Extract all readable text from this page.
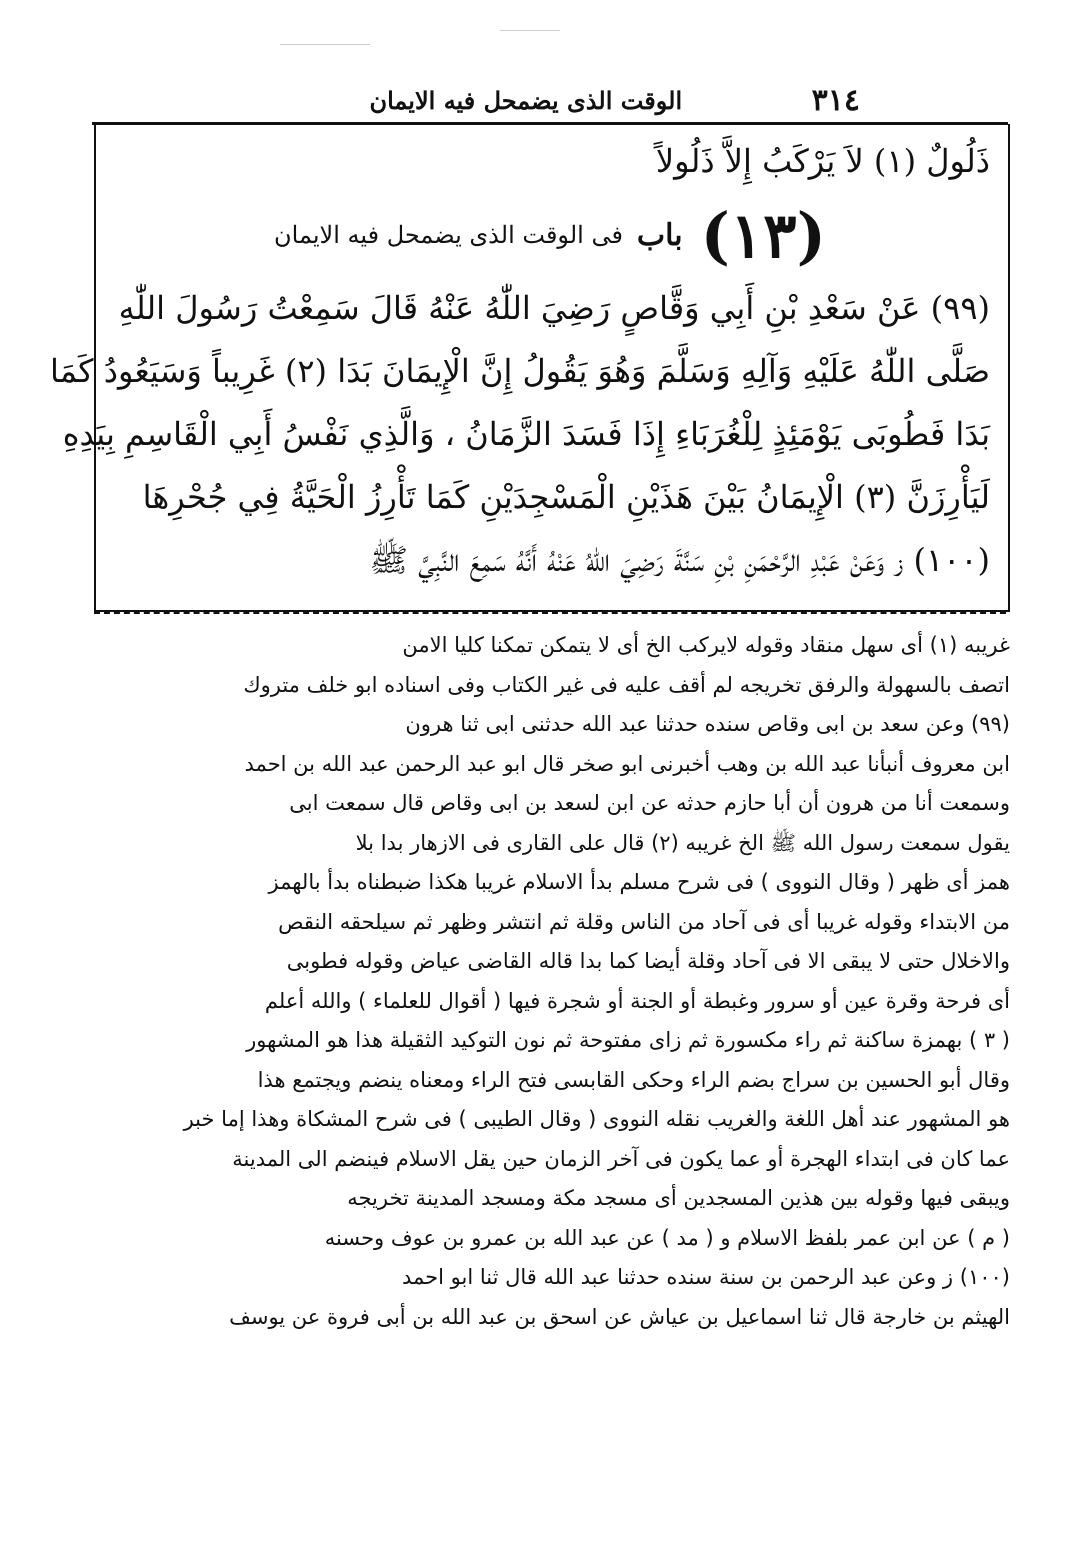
٣١٤
الوقت الذى يضمحل فيه الايمان
ذَلُولٌ (١) لاَ يَرْكَبُ إِلاَّ ذَلُولاً
(١٣)
باب
فى الوقت الذى يضمحل فيه الايمان
(٩٩) عَنْ سَعْدِ بْنِ أَبِي وَقَّاصٍ رَضِيَ اللّٰهُ عَنْهُ قَالَ سَمِعْتُ رَسُولَ اللّٰهِ
صَلَّى اللّٰهُ عَلَيْهِ وَآلِهِ وَسَلَّمَ وَهُوَ يَقُولُ إِنَّ الْإِيمَانَ بَدَا (٢) غَرِيباً وَسَيَعُودُ كَمَا
بَدَا فَطُوبَى يَوْمَئِذٍ لِلْغُرَبَاءِ إِذَا فَسَدَ الزَّمَانُ ، وَالَّذِي نَفْسُ أَبِي الْقَاسِمِ بِيَدِهِ
لَيَأْرِزَنَّ (٣) الْإِيمَانُ بَيْنَ هَذَيْنِ الْمَسْجِدَيْنِ كَمَا تَأْرِزُ الْحَيَّةُ فِي جُحْرِهَا
(١٠٠) ز وَعَنْ عَبْدِ الرَّحْمَنِ بْنِ سَنَّةَ رَضِيَ اللّٰهُ عَنْهُ أَنَّهُ سَمِعَ النَّبِيَّ ﷺ
غريبه (١) أى سهل منقاد وقوله لايركب الخ أى لا يتمكن تمكنا كليا الامن
اتصف بالسهولة والرفق تخريجه لم أقف عليه فى غير الكتاب وفى اسناده ابو خلف متروك
(٩٩) وعن سعد بن ابى وقاص سنده حدثنا عبد الله حدثنى ابى ثنا هرون
ابن معروف أنبأنا عبد الله بن وهب أخبرنى ابو صخر قال ابو عبد الرحمن عبد الله بن احمد
وسمعت أنا من هرون أن أبا حازم حدثه عن ابن لسعد بن ابى وقاص قال سمعت ابى
يقول سمعت رسول الله ﷺ الخ غريبه (٢) قال على القارى فى الازهار بدا بلا
همز أى ظهر ( وقال النووى ) فى شرح مسلم بدأ الاسلام غريبا هكذا ضبطناه بدأ بالهمز
من الابتداء وقوله غريبا أى فى آحاد من الناس وقلة ثم انتشر وظهر ثم سيلحقه النقص
والاخلال حتى لا يبقى الا فى آحاد وقلة أيضا كما بدا قاله القاضى عياض وقوله فطوبى
أى فرحة وقرة عين أو سرور وغبطة أو الجنة أو شجرة فيها ( أقوال للعلماء ) والله أعلم
( ٣ ) بهمزة ساكنة ثم راء مكسورة ثم زاى مفتوحة ثم نون التوكيد الثقيلة هذا هو المشهور
وقال أبو الحسين بن سراج بضم الراء وحكى القابسى فتح الراء ومعناه ينضم ويجتمع هذا
هو المشهور عند أهل اللغة والغريب نقله النووى ( وقال الطيبى ) فى شرح المشكاة وهذا إما خبر
عما كان فى ابتداء الهجرة أو عما يكون فى آخر الزمان حين يقل الاسلام فينضم الى المدينة
ويبقى فيها وقوله بين هذين المسجدين أى مسجد مكة ومسجد المدينة تخريجه
( م ) عن ابن عمر بلفظ الاسلام و ( مد ) عن عبد الله بن عمرو بن عوف وحسنه
(١٠٠) ز وعن عبد الرحمن بن سنة سنده حدثنا عبد الله قال ثنا ابو احمد
الهيثم بن خارجة قال ثنا اسماعيل بن عياش عن اسحق بن عبد الله بن أبى فروة عن يوسف
